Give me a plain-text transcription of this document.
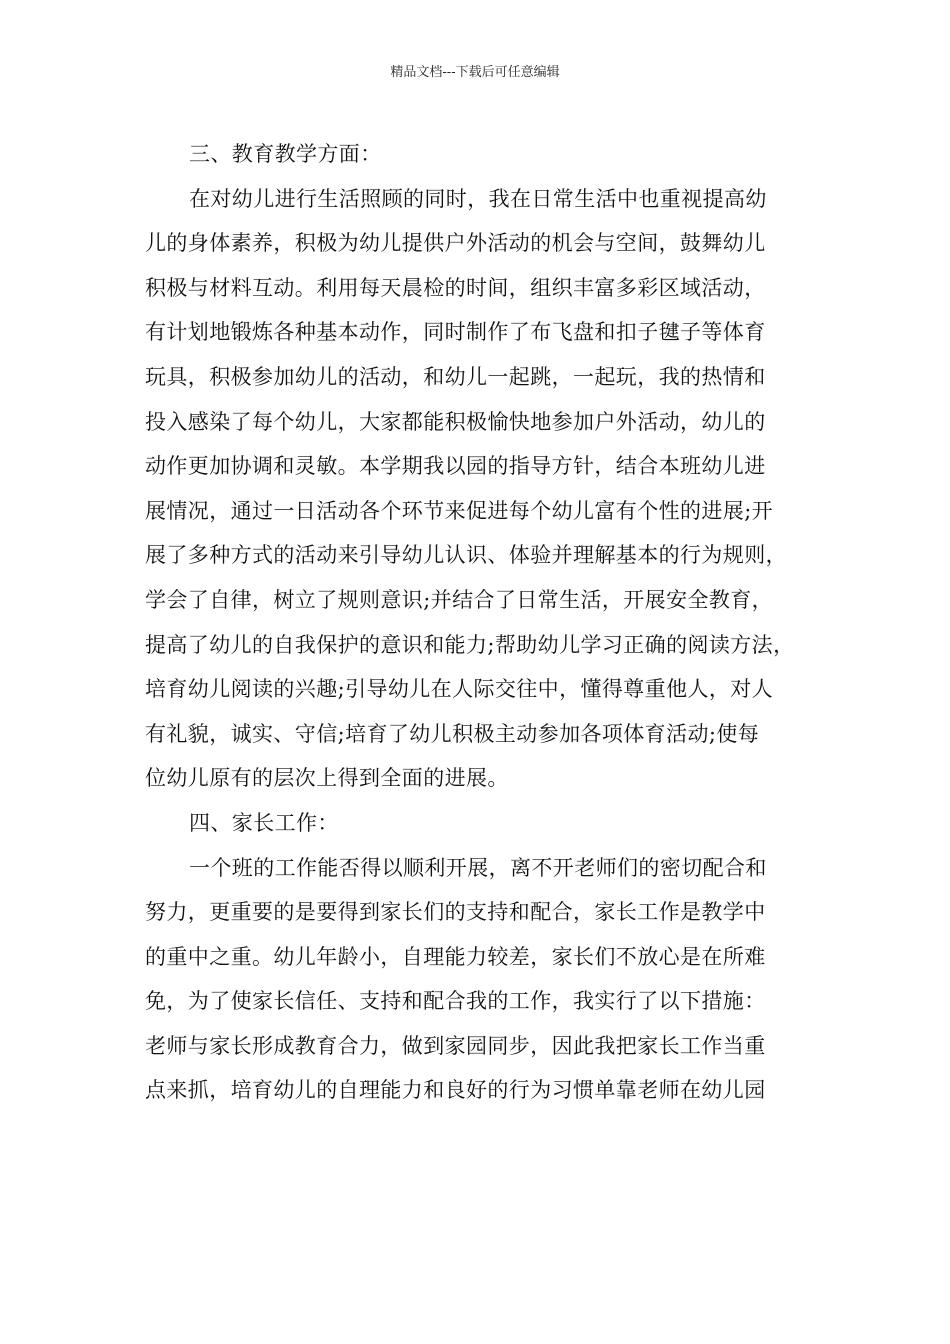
精品文档---下载后可任意编辑
三、教育教学方面：
在对幼儿进行生活照顾的同时，我在日常生活中也重视提高幼
儿的身体素养，积极为幼儿提供户外活动的机会与空间，鼓舞幼儿
积极与材料互动。利用每天晨检的时间，组织丰富多彩区域活动，
有计划地锻炼各种基本动作，同时制作了布飞盘和扣子毽子等体育
玩具，积极参加幼儿的活动，和幼儿一起跳，一起玩，我的热情和
投入感染了每个幼儿，大家都能积极愉快地参加户外活动，幼儿的
动作更加协调和灵敏。本学期我以园的指导方针，结合本班幼儿进
展情况，通过一日活动各个环节来促进每个幼儿富有个性的进展;开
展了多种方式的活动来引导幼儿认识、体验并理解基本的行为规则，
学会了自律，树立了规则意识;并结合了日常生活，开展安全教育，
提高了幼儿的自我保护的意识和能力;帮助幼儿学习正确的阅读方法，
培育幼儿阅读的兴趣;引导幼儿在人际交往中，懂得尊重他人，对人
有礼貌，诚实、守信;培育了幼儿积极主动参加各项体育活动;使每
位幼儿原有的层次上得到全面的进展。
四、家长工作：
一个班的工作能否得以顺利开展，离不开老师们的密切配合和
努力，更重要的是要得到家长们的支持和配合，家长工作是教学中
的重中之重。幼儿年龄小，自理能力较差，家长们不放心是在所难
免，为了使家长信任、支持和配合我的工作，我实行了以下措施：
老师与家长形成教育合力，做到家园同步，因此我把家长工作当重
点来抓，培育幼儿的自理能力和良好的行为习惯单靠老师在幼儿园
